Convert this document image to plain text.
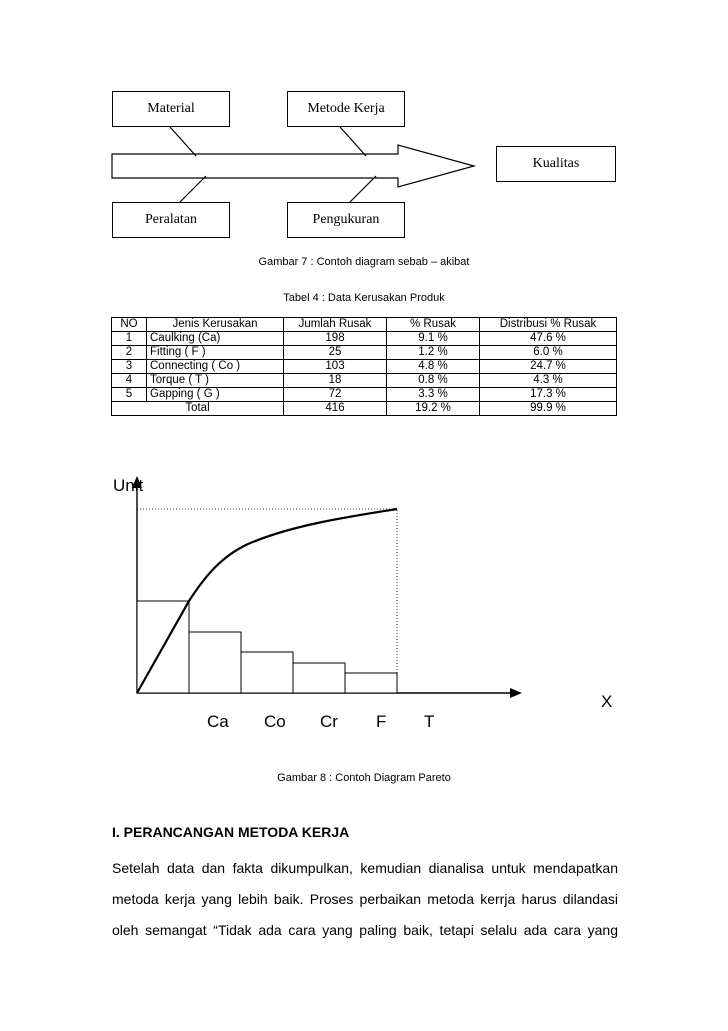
Material	Metode Kerja
Kualitas
Peralatan	Pengukuran
Gambar 7 : Contoh diagram sebab – akibat
Tabel 4 : Data Kerusakan Produk
NO	Jenis Kerusakan	Jumlah Rusak	% Rusak	Distribusi % Rusak
1	Caulking (Ca)	198	9.1 %	47.6 %
2	Fitting ( F )	25	1.2 %	6.0 %
3	Connecting ( Co )	103	4.8 %	24.7 %
4	Torque ( T )	18	0.8 %	4.3 %
5	Gapping ( G )	72	3.3 %	17.3 %
Total		416	19.2 %	99.9 %
Unit
X
Ca Co Cr F T
Gambar 8 : Contoh Diagram Pareto
I. PERANCANGAN METODA KERJA
Setelah data dan fakta dikumpulkan, kemudian dianalisa untuk mendapatkan
metoda kerja yang lebih baik. Proses perbaikan metoda kerrja harus dilandasi
oleh semangat “Tidak ada cara yang paling baik, tetapi selalu ada cara yang
